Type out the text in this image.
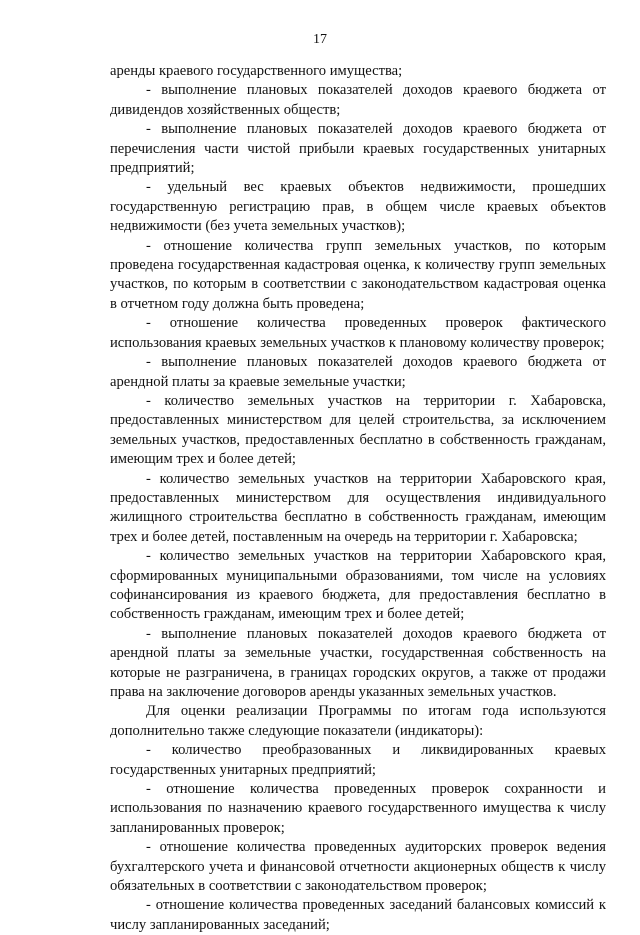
17

аренды краевого государственного имущества;

- выполнение плановых показателей доходов краевого бюджета от дивидендов хозяйственных обществ;

- выполнение плановых показателей доходов краевого бюджета от перечисления части чистой прибыли краевых государственных унитарных предприятий;

- удельный вес краевых объектов недвижимости, прошедших государственную регистрацию прав, в общем числе краевых объектов недвижимости (без учета земельных участков);

- отношение количества групп земельных участков, по которым проведена государственная кадастровая оценка, к количеству групп земельных участков, по которым в соответствии с законодательством кадастровая оценка в отчетном году должна быть проведена;

- отношение количества проведенных проверок фактического использования краевых земельных участков к плановому количеству проверок;

- выполнение плановых показателей доходов краевого бюджета от арендной платы за краевые земельные участки;

- количество земельных участков на территории г. Хабаровска, предоставленных министерством для целей строительства, за исключением земельных участков, предоставленных бесплатно в собственность гражданам, имеющим трех и более детей;

- количество земельных участков на территории Хабаровского края, предоставленных министерством для осуществления индивидуального жилищного строительства бесплатно в собственность гражданам, имеющим трех и более детей, поставленным на очередь на территории г. Хабаровска;

- количество земельных участков на территории Хабаровского края, сформированных муниципальными образованиями, том числе на условиях софинансирования из краевого бюджета, для предоставления бесплатно в собственность гражданам, имеющим трех и более детей;

- выполнение плановых показателей доходов краевого бюджета от арендной платы за земельные участки, государственная собственность на которые не разграничена, в границах городских округов, а также от продажи права на заключение договоров аренды указанных земельных участков.

Для оценки реализации Программы по итогам года используются дополнительно также следующие показатели (индикаторы):

- количество преобразованных и ликвидированных краевых государственных унитарных предприятий;

- отношение количества проведенных проверок сохранности и использования по назначению краевого государственного имущества к числу запланированных проверок;

- отношение количества проведенных аудиторских проверок ведения бухгалтерского учета и финансовой отчетности акционерных обществ к числу обязательных в соответствии с законодательством проверок;

- отношение количества проведенных заседаний балансовых комиссий к числу запланированных заседаний;
